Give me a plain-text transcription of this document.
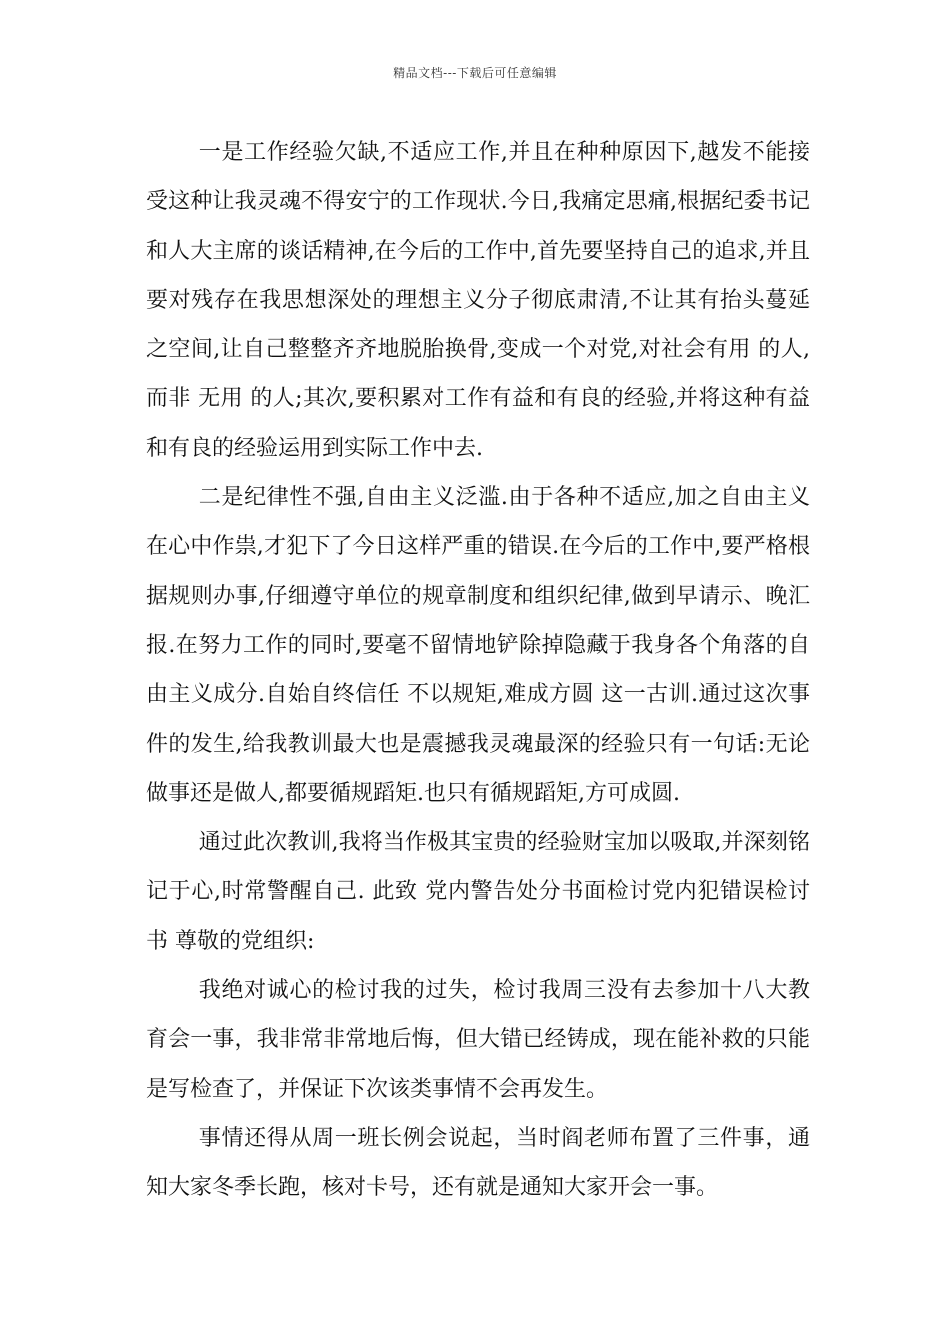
精品文档---下载后可任意编辑

一是工作经验欠缺,不适应工作,并且在种种原因下,越发不能接受这种让我灵魂不得安宁的工作现状.今日,我痛定思痛,根据纪委书记和人大主席的谈话精神,在今后的工作中,首先要坚持自己的追求,并且要对残存在我思想深处的理想主义分子彻底肃清,不让其有抬头蔓延之空间,让自己整整齐齐地脱胎换骨,变成一个对党,对社会有用 的人,而非 无用 的人;其次,要积累对工作有益和有良的经验,并将这种有益和有良的经验运用到实际工作中去.

二是纪律性不强,自由主义泛滥.由于各种不适应,加之自由主义在心中作祟,才犯下了今日这样严重的错误.在今后的工作中,要严格根据规则办事,仔细遵守单位的规章制度和组织纪律,做到早请示、晚汇报.在努力工作的同时,要毫不留情地铲除掉隐藏于我身各个角落的自由主义成分.自始自终信任 不以规矩,难成方圆 这一古训.通过这次事件的发生,给我教训最大也是震撼我灵魂最深的经验只有一句话:无论做事还是做人,都要循规蹈矩.也只有循规蹈矩,方可成圆.

通过此次教训,我将当作极其宝贵的经验财宝加以吸取,并深刻铭记于心,时常警醒自己. 此致 党内警告处分书面检讨党内犯错误检讨书 尊敬的党组织:

我绝对诚心的检讨我的过失，检讨我周三没有去参加十八大教育会一事，我非常非常地后悔，但大错已经铸成，现在能补救的只能是写检查了，并保证下次该类事情不会再发生。

事情还得从周一班长例会说起，当时阎老师布置了三件事，通知大家冬季长跑，核对卡号，还有就是通知大家开会一事。
